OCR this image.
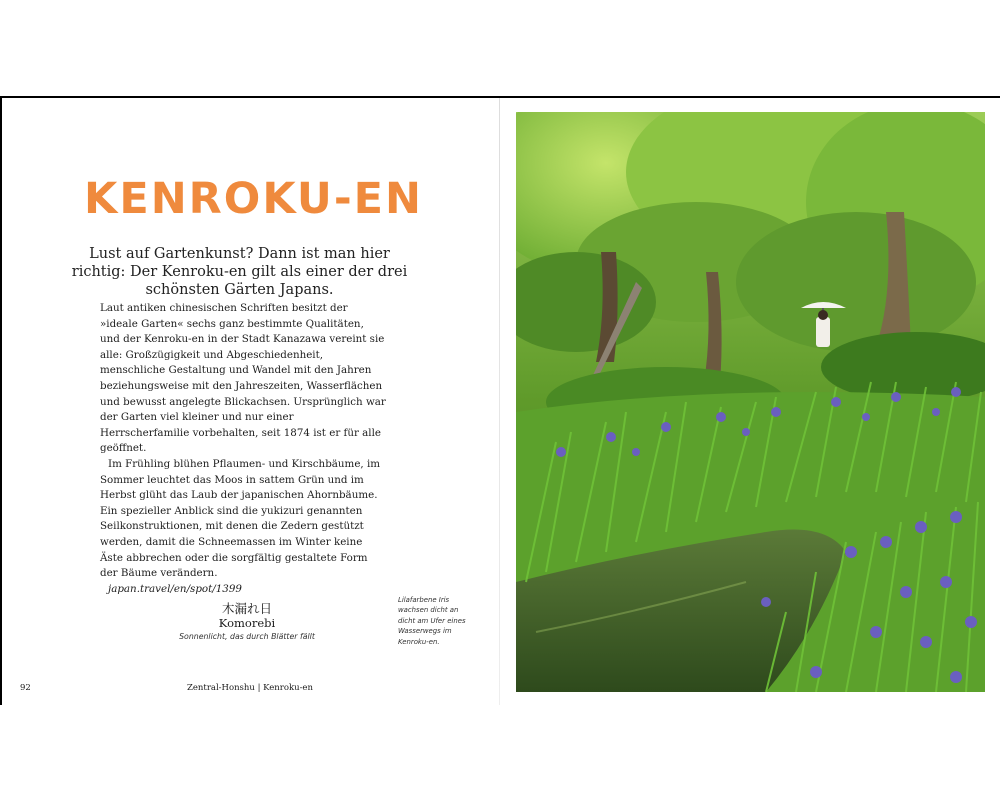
KENROKU-EN

Lust auf Gartenkunst? Dann ist man hier richtig: Der Kenroku-en gilt als einer der drei schönsten Gärten Japans.

Laut antiken chinesischen Schriften besitzt der »ideale Garten« sechs ganz bestimmte Qualitäten, und der Kenroku-en in der Stadt Kanazawa vereint sie alle: Großzügigkeit und Abgeschiedenheit, menschliche Gestaltung und Wandel mit den Jahren beziehungsweise mit den Jahreszeiten, Wasserflächen und bewusst angelegte Blickachsen. Ursprünglich war der Garten viel kleiner und nur einer Herrscherfamilie vorbehalten, seit 1874 ist er für alle geöffnet.

Im Frühling blühen Pflaumen- und Kirschbäume, im Sommer leuchtet das Moos in sattem Grün und im Herbst glüht das Laub der japanischen Ahornbäume. Ein spezieller Anblick sind die yukizuri genannten Seilkonstruktionen, mit denen die Zedern gestützt werden, damit die Schneemassen im Winter keine Äste abbrechen oder die sorgfältig gestaltete Form der Bäume verändern.

japan.travel/en/spot/1399

木漏れ日

Komorebi

Sonnenlicht, das durch Blätter fällt

Lilafarbene Iris wachsen dicht an dicht am Ufer eines Wasserwegs im Kenroku-en.

92	Zentral-Honshu | Kenroku-en
